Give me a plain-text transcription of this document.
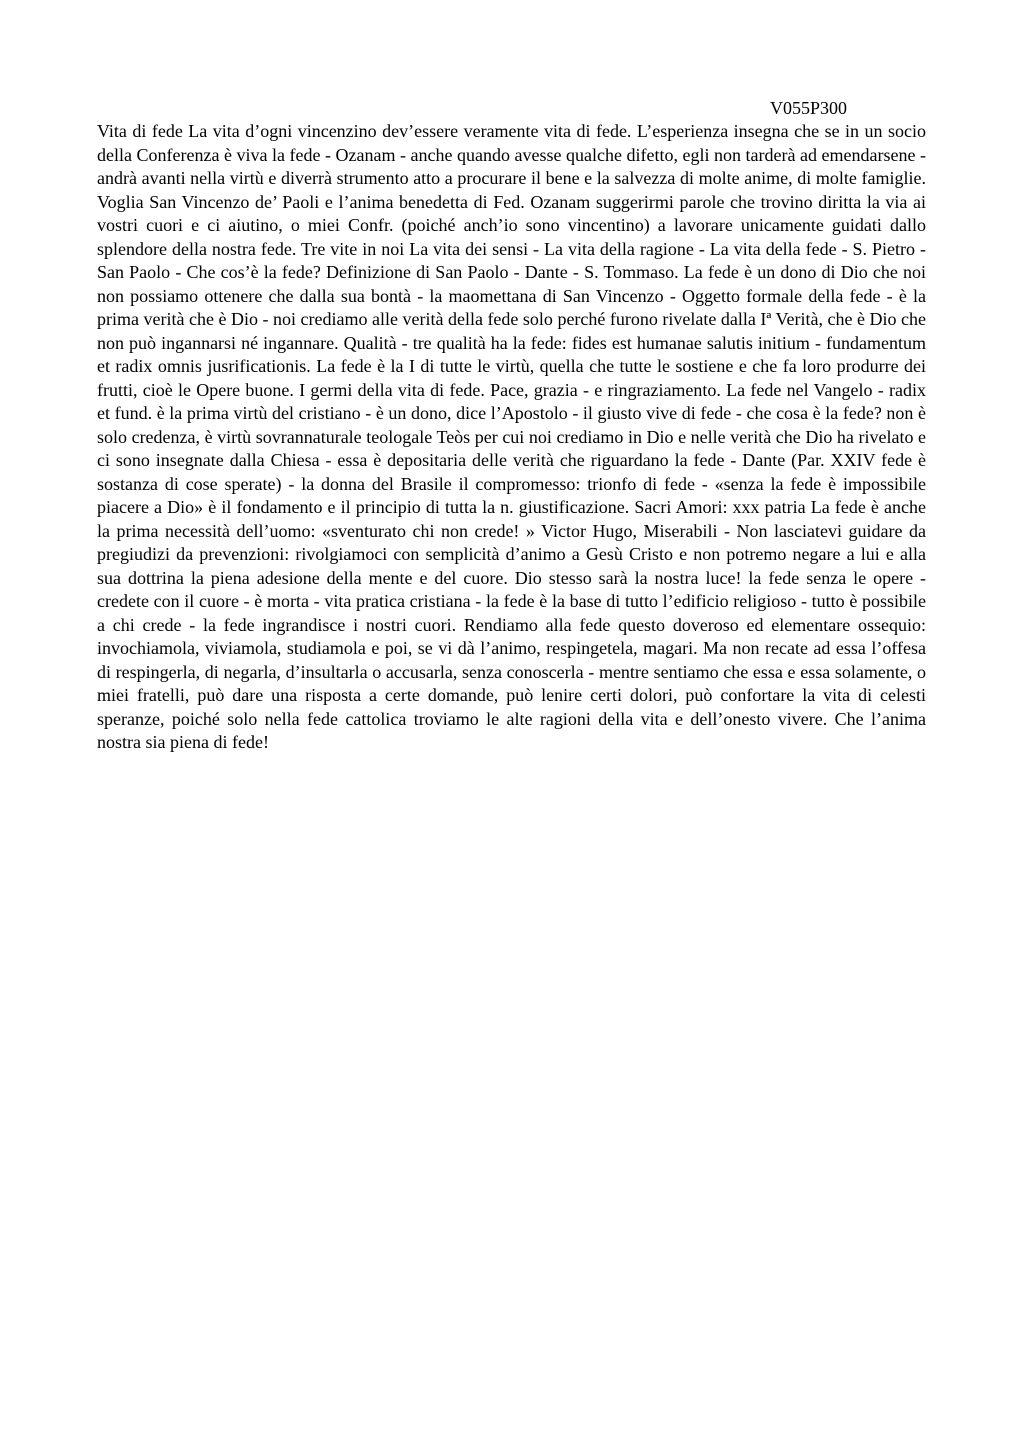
V055P300

Vita di fede La vita d’ogni vincenzino dev’essere veramente vita di fede. L’esperienza insegna che se in un socio della Conferenza è viva la fede - Ozanam - anche quando avesse qualche difetto, egli non tarderà ad emendarsene - andrà avanti nella virtù e diverrà strumento atto a procurare il bene e la salvezza di molte anime, di molte famiglie. Voglia San Vincenzo de’ Paoli e l’anima benedetta di Fed. Ozanam suggerirmi parole che trovino diritta la via ai vostri cuori e ci aiutino, o miei Confr. (poiché anch’io sono vincentino) a lavorare unicamente guidati dallo splendore della nostra fede. Tre vite in noi La vita dei sensi - La vita della ragione - La vita della fede - S. Pietro - San Paolo - Che cos’è la fede? Definizione di San Paolo - Dante - S. Tommaso. La fede è un dono di Dio che noi non possiamo ottenere che dalla sua bontà - la maomettana di San Vincenzo - Oggetto formale della fede - è la prima verità che è Dio - noi crediamo alle verità della fede solo perché furono rivelate dalla Iª Verità, che è Dio che non può ingannarsi né ingannare. Qualità - tre qualità ha la fede: fides est humanae salutis initium - fundamentum et radix omnis jusrificationis. La fede è la I di tutte le virtù, quella che tutte le sostiene e che fa loro produrre dei frutti, cioè le Opere buone. I germi della vita di fede. Pace, grazia - e ringraziamento. La fede nel Vangelo - radix et fund. è la prima virtù del cristiano - è un dono, dice l’Apostolo - il giusto vive di fede - che cosa è la fede? non è solo credenza, è virtù sovrannaturale teologale Teòs per cui noi crediamo in Dio e nelle verità che Dio ha rivelato e ci sono insegnate dalla Chiesa - essa è depositaria delle verità che riguardano la fede - Dante (Par. XXIV fede è sostanza di cose sperate) - la donna del Brasile il compromesso: trionfo di fede - «senza la fede è impossibile piacere a Dio» è il fondamento e il principio di tutta la n. giustificazione. Sacri Amori: xxx patria La fede è anche la prima necessità dell’uomo: «sventurato chi non crede! » Victor Hugo, Miserabili - Non lasciatevi guidare da pregiudizi da prevenzioni: rivolgiamoci con semplicità d’animo a Gesù Cristo e non potremo negare a lui e alla sua dottrina la piena adesione della mente e del cuore. Dio stesso sarà la nostra luce! la fede senza le opere - credete con il cuore - è morta - vita pratica cristiana - la fede è la base di tutto l’edificio religioso - tutto è possibile a chi crede - la fede ingrandisce i nostri cuori. Rendiamo alla fede questo doveroso ed elementare ossequio: invochiamola, viviamola, studiamola e poi, se vi dà l’animo, respingetela, magari. Ma non recate ad essa l’offesa di respingerla, di negarla, d’insultarla o accusarla, senza conoscerla - mentre sentiamo che essa e essa solamente, o miei fratelli, può dare una risposta a certe domande, può lenire certi dolori, può confortare la vita di celesti speranze, poiché solo nella fede cattolica troviamo le alte ragioni della vita e dell’onesto vivere. Che l’anima nostra sia piena di fede!
